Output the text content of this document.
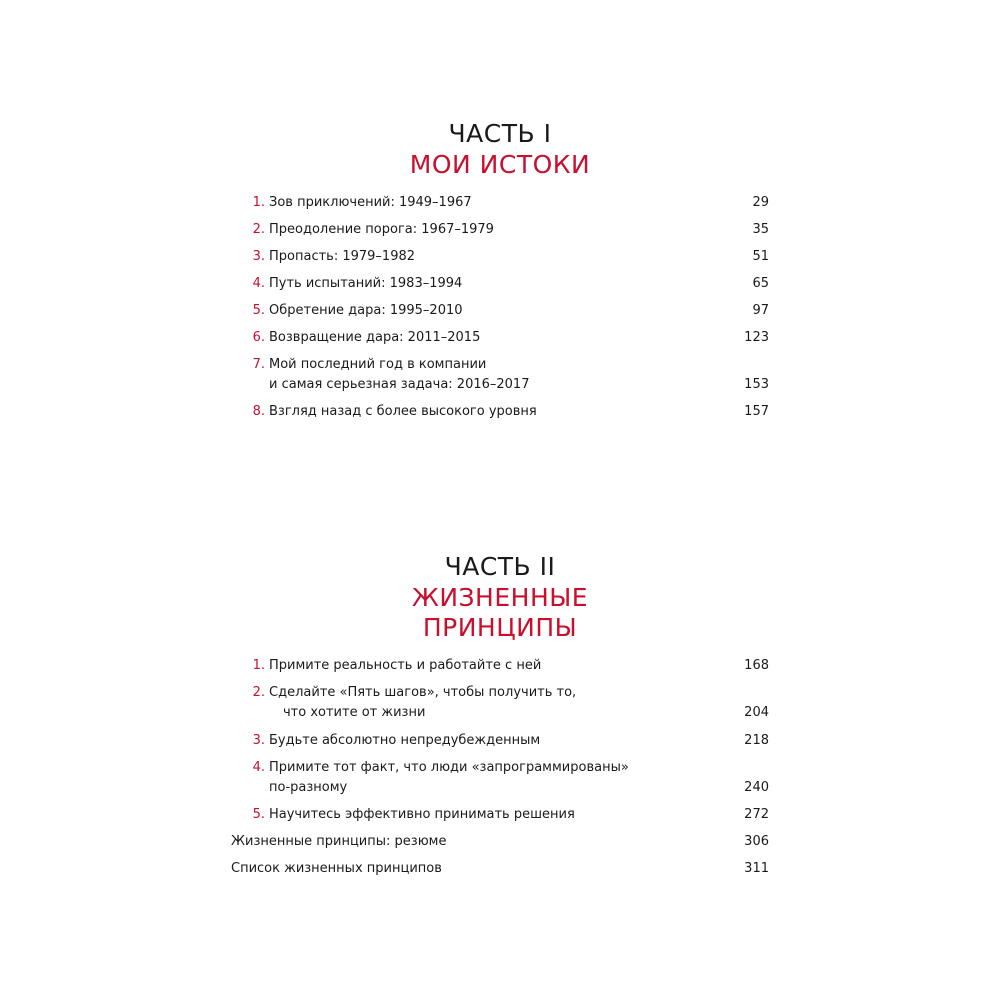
ЧАСТЬ I
МОИ ИСТОКИ
1. Зов приключений: 1949–1967	29
2. Преодоление порога: 1967–1979	35
3. Пропасть: 1979–1982	51
4. Путь испытаний: 1983–1994	65
5. Обретение дара: 1995–2010	97
6. Возвращение дара: 2011–2015	123
7. Мой последний год в компании
и самая серьезная задача: 2016–2017	153
8. Взгляд назад с более высокого уровня	157
ЧАСТЬ II
ЖИЗНЕННЫЕ
ПРИНЦИПЫ
1. Примите реальность и работайте с ней	168
2. Сделайте «Пять шагов», чтобы получить то,
что хотите от жизни	204
3. Будьте абсолютно непредубежденным	218
4. Примите тот факт, что люди «запрограммированы»
по-разному	240
5. Научитесь эффективно принимать решения	272
Жизненные принципы: резюме	306
Список жизненных принципов	311
